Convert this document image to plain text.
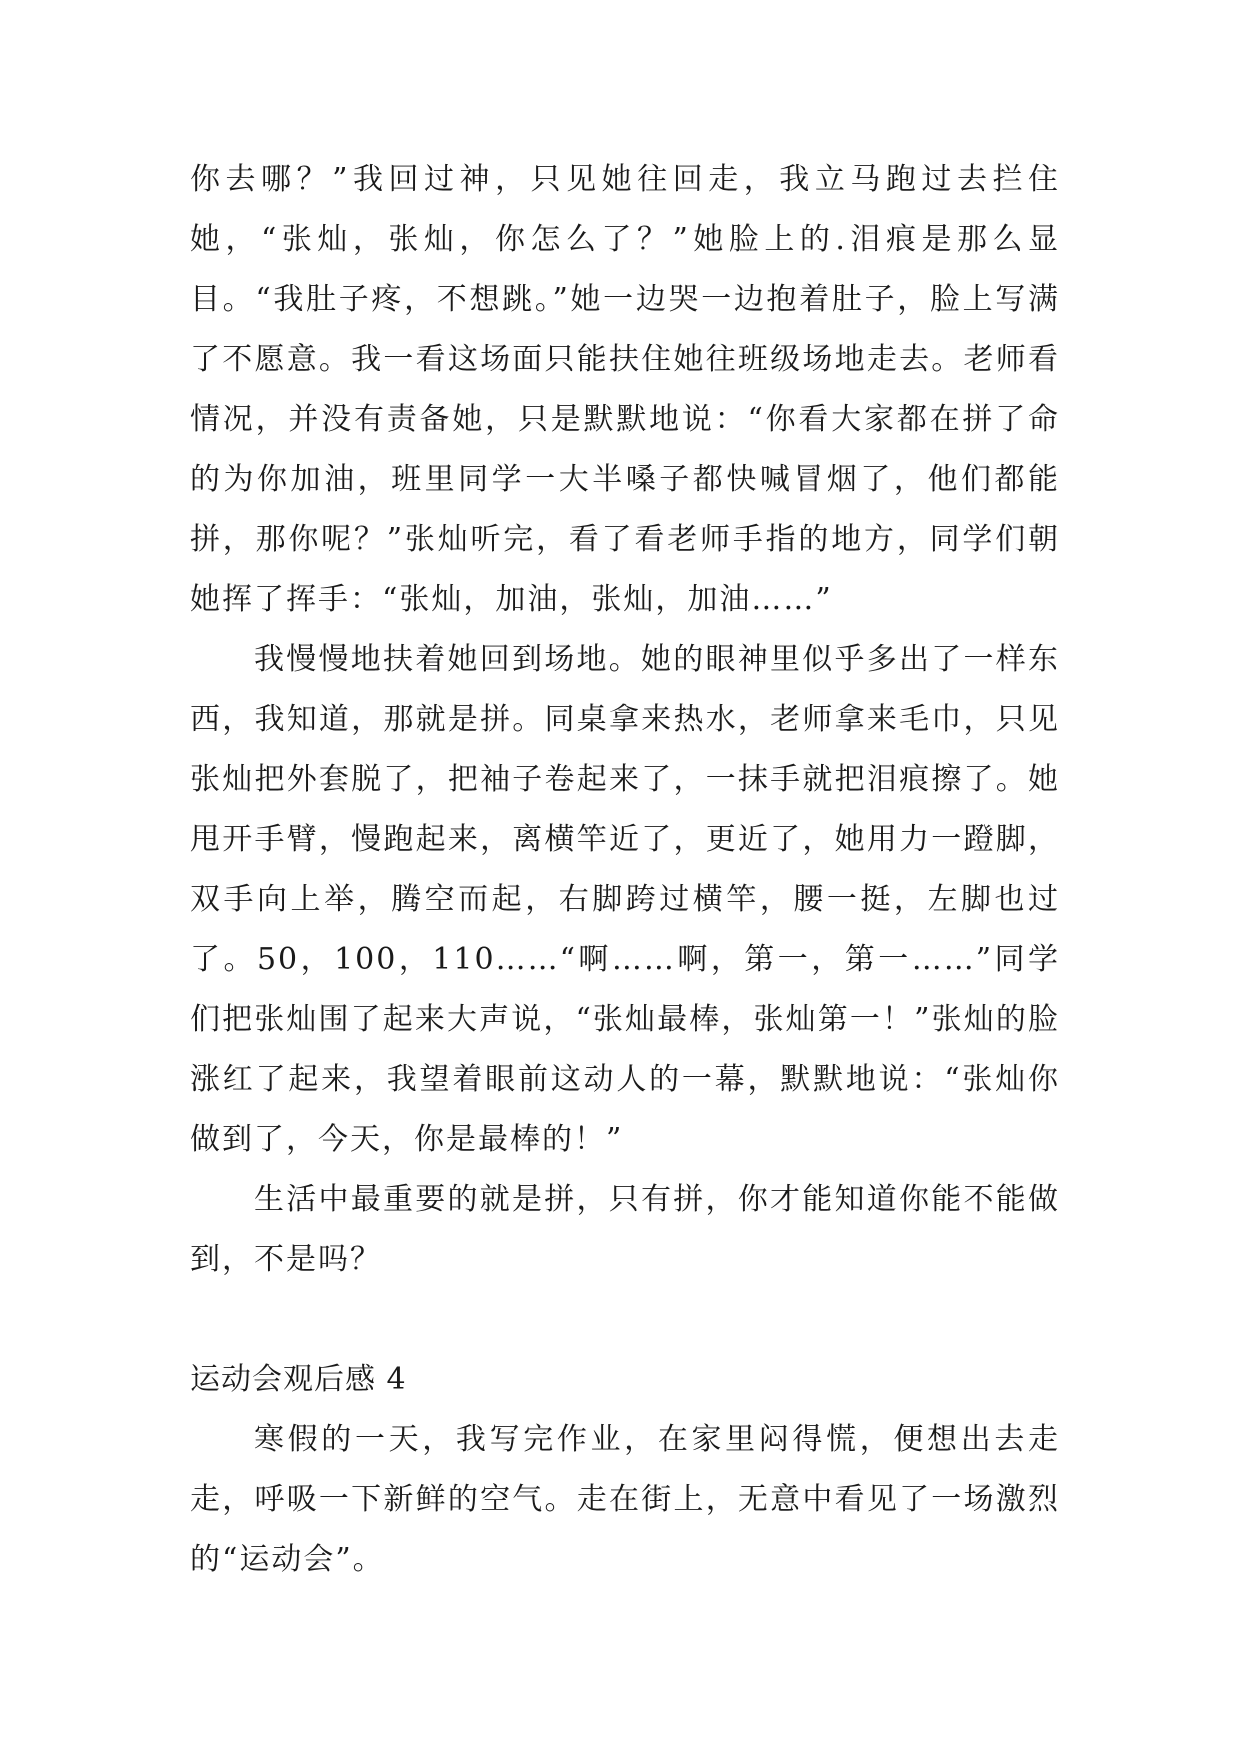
你去哪？”我回过神，只见她往回走，我立马跑过去拦住她，“张灿，张灿，你怎么了？”她脸上的.泪痕是那么显目。“我肚子疼，不想跳。”她一边哭一边抱着肚子，脸上写满了不愿意。我一看这场面只能扶住她往班级场地走去。老师看情况，并没有责备她，只是默默地说：“你看大家都在拼了命的为你加油，班里同学一大半嗓子都快喊冒烟了，他们都能拼，那你呢？”张灿听完，看了看老师手指的地方，同学们朝她挥了挥手：“张灿，加油，张灿，加油……”

我慢慢地扶着她回到场地。她的眼神里似乎多出了一样东西，我知道，那就是拼。同桌拿来热水，老师拿来毛巾，只见张灿把外套脱了，把袖子卷起来了，一抹手就把泪痕擦了。她甩开手臂，慢跑起来，离横竿近了，更近了，她用力一蹬脚，双手向上举，腾空而起，右脚跨过横竿，腰一挺，左脚也过了。50，100，110……“啊……啊，第一，第一……”同学们把张灿围了起来大声说，“张灿最棒，张灿第一！”张灿的脸涨红了起来，我望着眼前这动人的一幕，默默地说：“张灿你做到了，今天，你是最棒的！”

生活中最重要的就是拼，只有拼，你才能知道你能不能做到，不是吗？

运动会观后感 4

寒假的一天，我写完作业，在家里闷得慌，便想出去走走，呼吸一下新鲜的空气。走在街上，无意中看见了一场激烈的“运动会”。
